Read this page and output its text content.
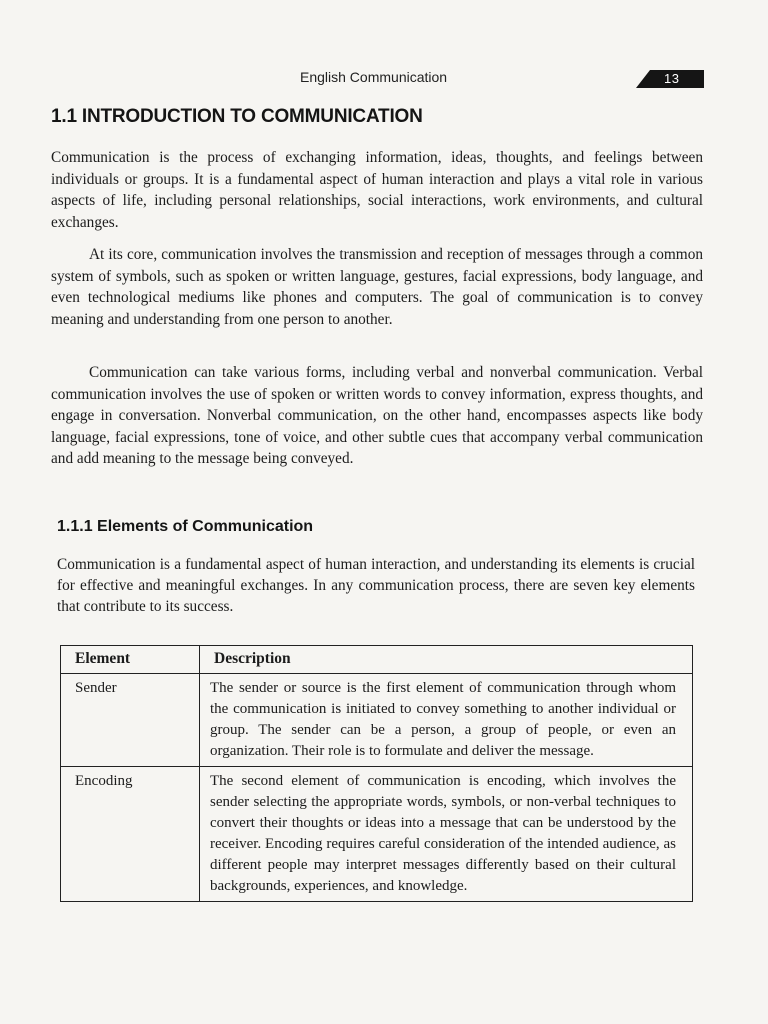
English Communication	13
1.1 INTRODUCTION TO COMMUNICATION

Communication is the process of exchanging information, ideas, thoughts, and feelings between individuals or groups. It is a fundamental aspect of human interaction and plays a vital role in various aspects of life, including personal relationships, social interactions, work environments, and cultural exchanges.

At its core, communication involves the transmission and reception of messages through a common system of symbols, such as spoken or written language, gestures, facial expressions, body language, and even technological mediums like phones and computers. The goal of communication is to convey meaning and understanding from one person to another.

Communication can take various forms, including verbal and nonverbal communication. Verbal communication involves the use of spoken or written words to convey information, express thoughts, and engage in conversation. Nonverbal communication, on the other hand, encompasses aspects like body language, facial expressions, tone of voice, and other subtle cues that accompany verbal communication and add meaning to the message being conveyed.

1.1.1 Elements of Communication

Communication is a fundamental aspect of human interaction, and understanding its elements is crucial for effective and meaningful exchanges. In any communication process, there are seven key elements that contribute to its success.

Element	Description
Sender	The sender or source is the first element of communication through whom the communication is initiated to convey something to another individual or group. The sender can be a person, a group of people, or even an organization. Their role is to formulate and deliver the message.
Encoding	The second element of communication is encoding, which involves the sender selecting the appropriate words, symbols, or non-verbal techniques to convert their thoughts or ideas into a message that can be understood by the receiver. Encoding requires careful consideration of the intended audience, as different people may interpret messages differently based on their cultural backgrounds, experiences, and knowledge.
